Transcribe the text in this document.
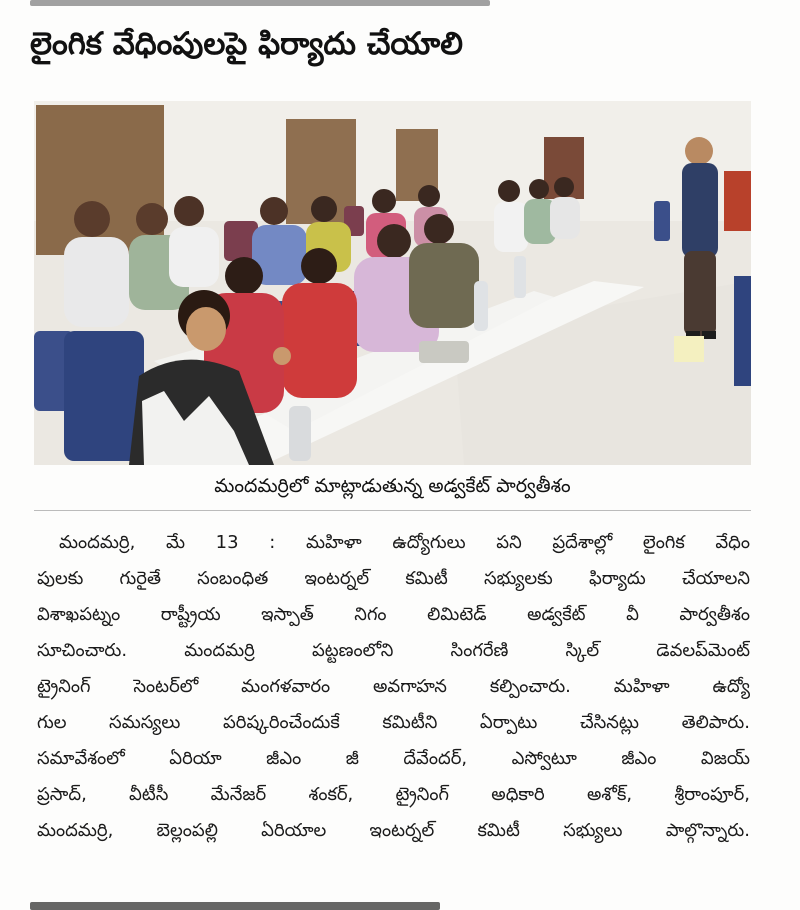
లైంగిక వేధింపులపై ఫిర్యాదు చేయాలి
మందమర్రిలో మాట్లాడుతున్న అడ్వకేట్ పార్వతీశం
మందమర్రి, మే 13 : మహిళా ఉద్యోగులు పని ప్రదేశాల్లో లైంగిక వేధిం
పులకు గురైతే సంబంధిత ఇంటర్నల్ కమిటీ సభ్యులకు ఫిర్యాదు చేయాలని
విశాఖపట్నం రాష్ట్రీయ ఇస్పాత్ నిగం లిమిటెడ్ అడ్వకేట్ వీ పార్వతీశం
సూచించారు. మందమర్రి పట్టణంలోని సింగరేణి స్కిల్ డెవలప్‌మెంట్
ట్రైనింగ్ సెంటర్‌లో మంగళవారం అవగాహన కల్పించారు. మహిళా ఉద్యో
గుల సమస్యలు పరిష్కరించేందుకే కమిటీని ఏర్పాటు చేసినట్లు తెలిపారు.
సమావేశంలో ఏరియా జీఎం జీ దేవేందర్, ఎస్వోటూ జీఎం విజయ్
ప్రసాద్, వీటీసీ మేనేజర్ శంకర్, ట్రైనింగ్ అధికారి అశోక్, శ్రీరాంపూర్,
మందమర్రి, బెల్లంపల్లి ఏరియాల ఇంటర్నల్ కమిటీ సభ్యులు పాల్గొన్నారు.
